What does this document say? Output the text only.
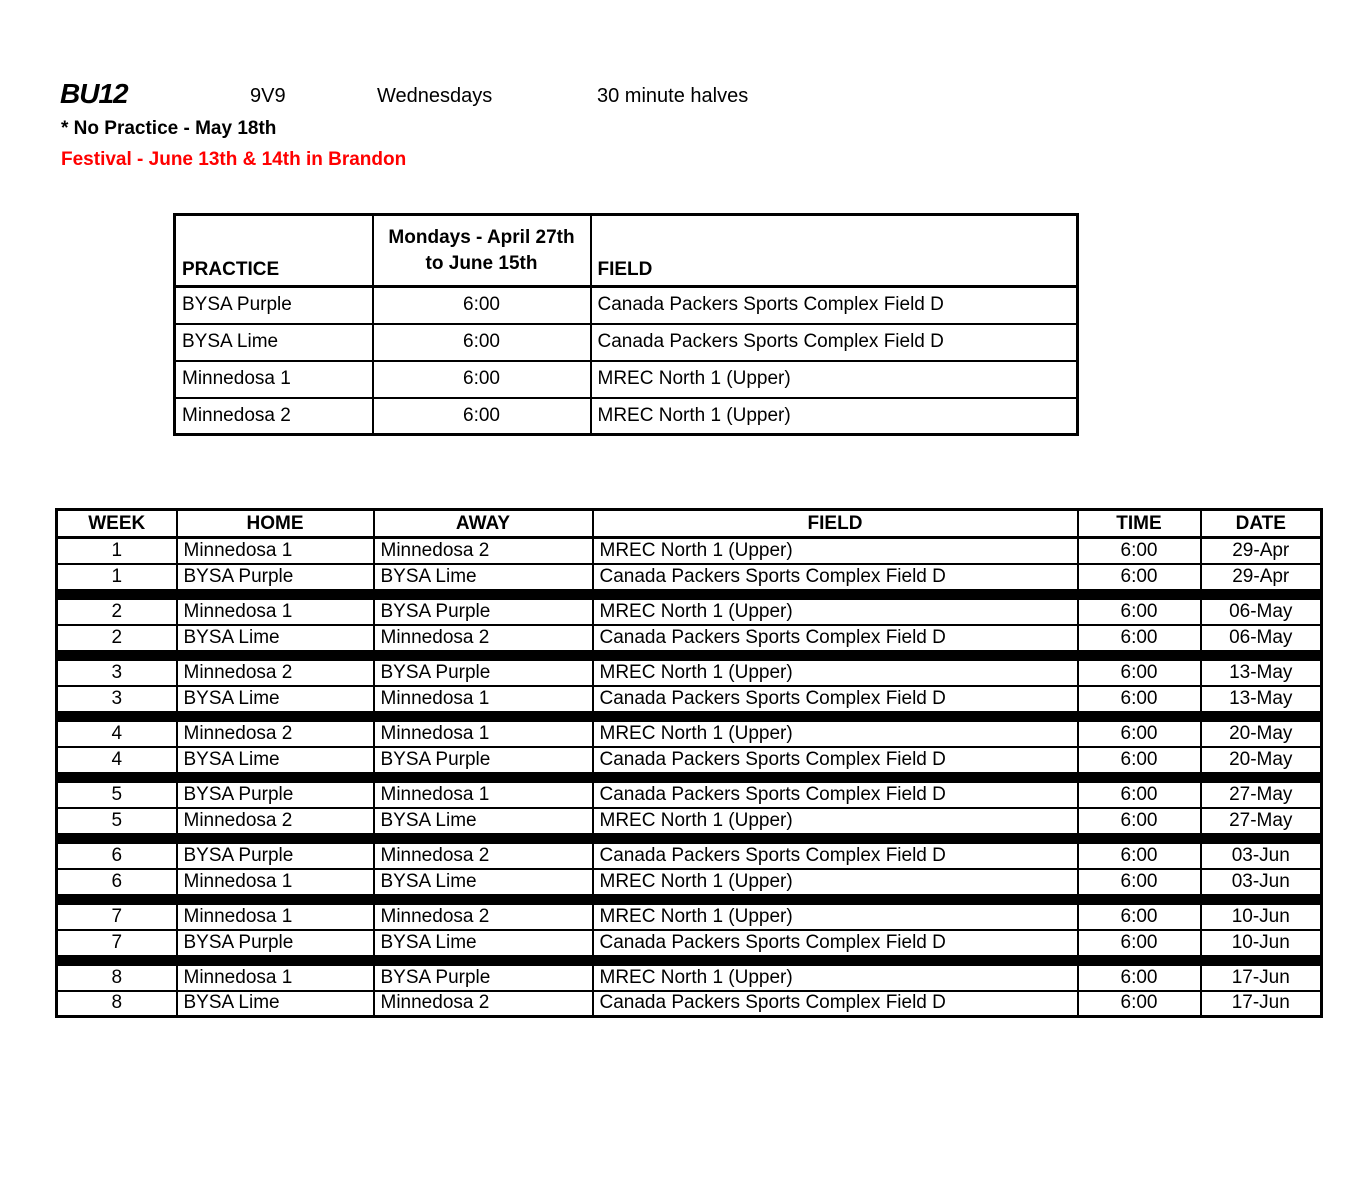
BU12	9V9	Wednesdays	30 minute halves
* No Practice - May 18th
Festival - June 13th & 14th in Brandon
PRACTICE	Mondays - April 27th to June 15th	FIELD
BYSA Purple	6:00	Canada Packers Sports Complex Field D
BYSA Lime	6:00	Canada Packers Sports Complex Field D
Minnedosa 1	6:00	MREC North 1 (Upper)
Minnedosa 2	6:00	MREC North 1 (Upper)
WEEK	HOME	AWAY	FIELD	TIME	DATE
1	Minnedosa 1	Minnedosa 2	MREC North 1 (Upper)	6:00	29-Apr
1	BYSA Purple	BYSA Lime	Canada Packers Sports Complex Field D	6:00	29-Apr

2	Minnedosa 1	BYSA Purple	MREC North 1 (Upper)	6:00	06-May
2	BYSA Lime	Minnedosa 2	Canada Packers Sports Complex Field D	6:00	06-May

3	Minnedosa 2	BYSA Purple	MREC North 1 (Upper)	6:00	13-May
3	BYSA Lime	Minnedosa 1	Canada Packers Sports Complex Field D	6:00	13-May

4	Minnedosa 2	Minnedosa 1	MREC North 1 (Upper)	6:00	20-May
4	BYSA Lime	BYSA Purple	Canada Packers Sports Complex Field D	6:00	20-May

5	BYSA Purple	Minnedosa 1	Canada Packers Sports Complex Field D	6:00	27-May
5	Minnedosa 2	BYSA Lime	MREC North 1 (Upper)	6:00	27-May

6	BYSA Purple	Minnedosa 2	Canada Packers Sports Complex Field D	6:00	03-Jun
6	Minnedosa 1	BYSA Lime	MREC North 1 (Upper)	6:00	03-Jun

7	Minnedosa 1	Minnedosa 2	MREC North 1 (Upper)	6:00	10-Jun
7	BYSA Purple	BYSA Lime	Canada Packers Sports Complex Field D	6:00	10-Jun

8	Minnedosa 1	BYSA Purple	MREC North 1 (Upper)	6:00	17-Jun
8	BYSA Lime	Minnedosa 2	Canada Packers Sports Complex Field D	6:00	17-Jun
